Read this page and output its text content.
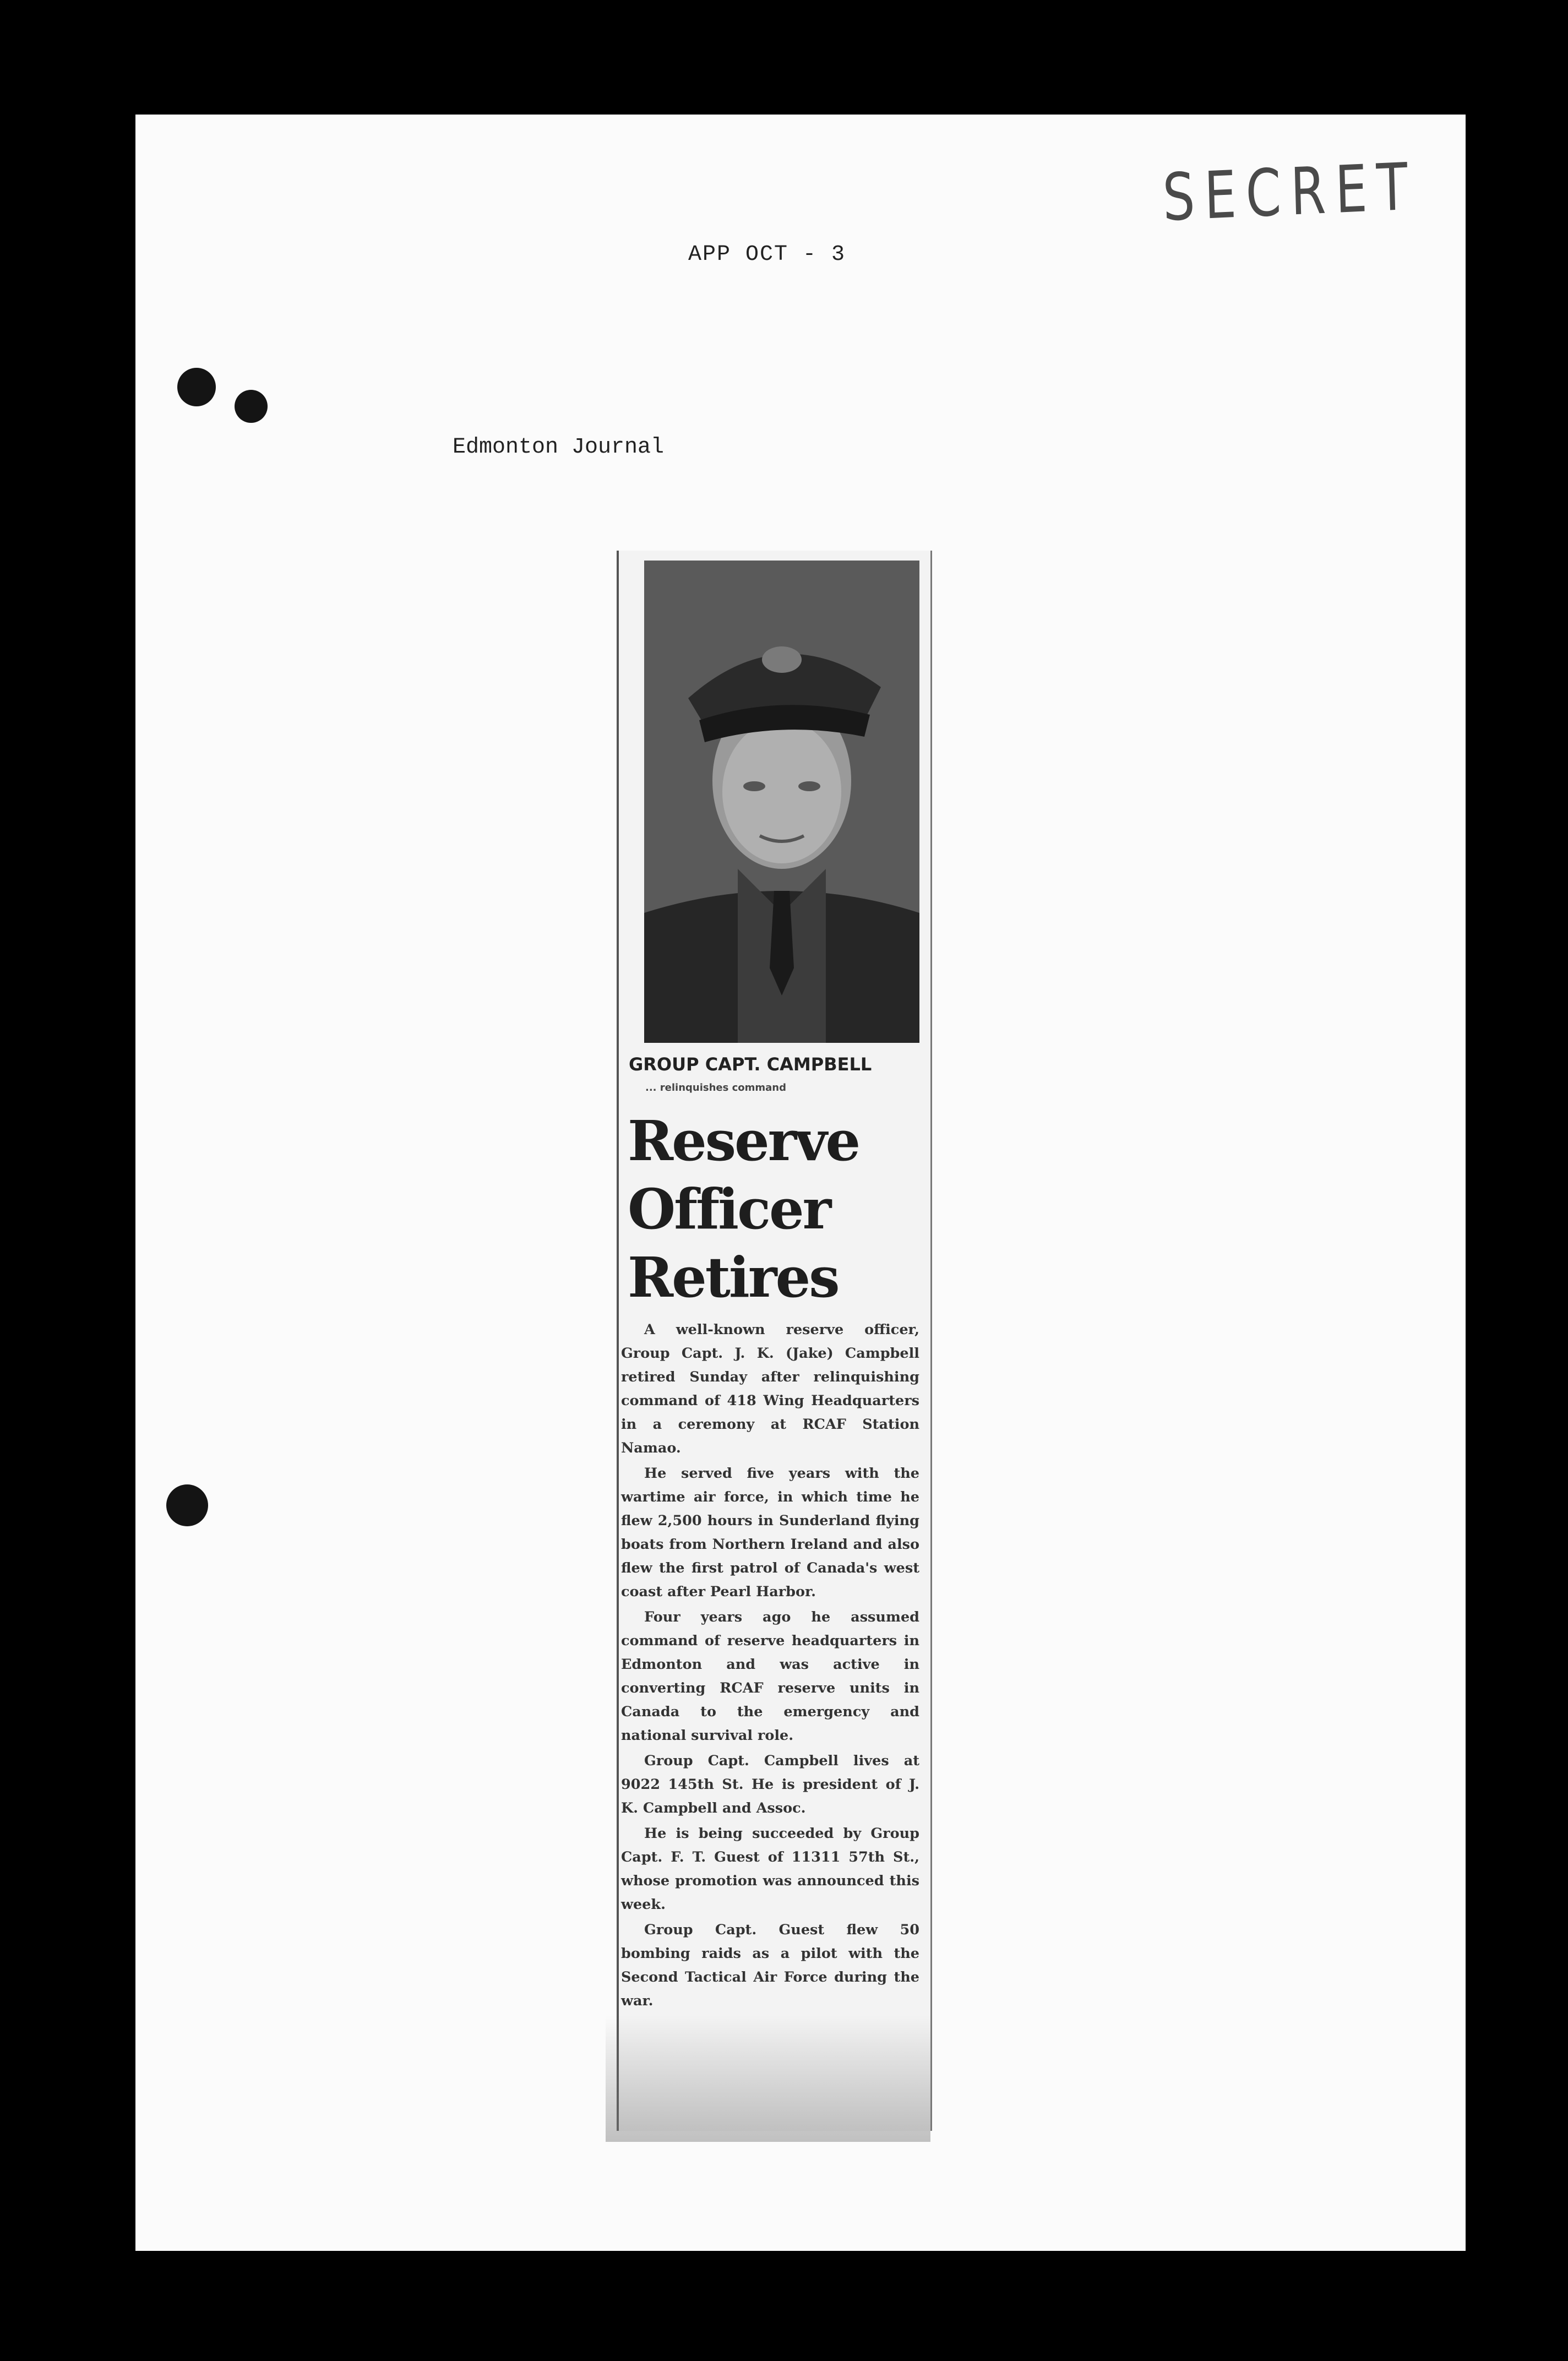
SECRET
APP OCT - 3
Edmonton Journal
GROUP CAPT. CAMPBELL
... relinquishes command
Reserve Officer Retires

A well-known reserve officer, Group Capt. J. K. (Jake) Campbell retired Sunday after relinquishing command of 418 Wing Headquarters in a ceremony at RCAF Station Namao.

He served five years with the wartime air force, in which time he flew 2,500 hours in Sunderland flying boats from Northern Ireland and also flew the first patrol of Canada's west coast after Pearl Harbor.

Four years ago he assumed command of reserve headquarters in Edmonton and was active in converting RCAF reserve units in Canada to the emergency and national survival role.

Group Capt. Campbell lives at 9022 145th St. He is president of J. K. Campbell and Assoc.

He is being succeeded by Group Capt. F. T. Guest of 11311 57th St., whose promotion was announced this week.

Group Capt. Guest flew 50 bombing raids as a pilot with the Second Tactical Air Force during the war.
